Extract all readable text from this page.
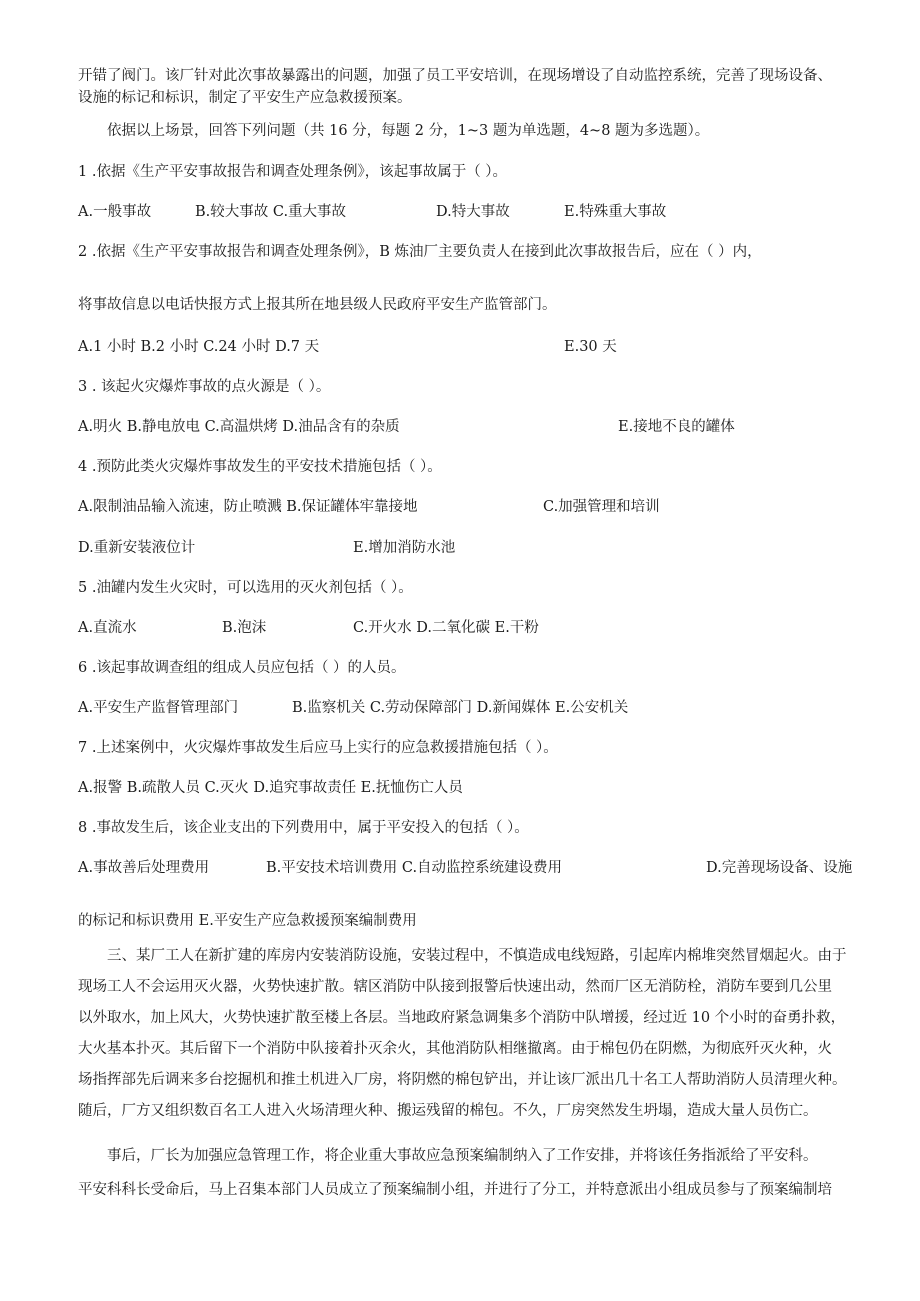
开错了阀门。该厂针对此次事故暴露出的问题，加强了员工平安培训，在现场增设了自动监控系统，完善了现场设备、
设施的标记和标识，制定了平安生产应急救援预案。
依据以上场景，回答下列问题（共 16 分，每题 2 分，1~3 题为单选题，4~8 题为多选题）。
1 .依据《生产平安事故报告和调查处理条例》，该起事故属于（ ）。
A.一般事故	B.较大事故 C.重大事故	D.特大事故	E.特殊重大事故
2 .依据《生产平安事故报告和调查处理条例》，B 炼油厂主要负责人在接到此次事故报告后，应在（ ）内，
将事故信息以电话快报方式上报其所在地县级人民政府平安生产监管部门。
A.1 小时 B.2 小时 C.24 小时 D.7 天	E.30 天
3 . 该起火灾爆炸事故的点火源是（ ）。
A.明火 B.静电放电 C.高温烘烤 D.油品含有的杂质	E.接地不良的罐体
4 .预防此类火灾爆炸事故发生的平安技术措施包括（ ）。
A.限制油品输入流速，防止喷溅 B.保证罐体牢靠接地	C.加强管理和培训
D.重新安装液位计	E.增加消防水池
5 .油罐内发生火灾时，可以选用的灭火剂包括（ ）。
A.直流水	B.泡沫	C.开火水 D.二氧化碳 E.干粉
6 .该起事故调查组的组成人员应包括（ ）的人员。
A.平安生产监督管理部门	B.监察机关 C.劳动保障部门 D.新闻媒体 E.公安机关
7 .上述案例中，火灾爆炸事故发生后应马上实行的应急救援措施包括（ ）。
A.报警 B.疏散人员 C.灭火 D.追究事故责任 E.抚恤伤亡人员
8 .事故发生后，该企业支出的下列费用中，属于平安投入的包括（ ）。
A.事故善后处理费用	B.平安技术培训费用 C.自动监控系统建设费用	D.完善现场设备、设施
的标记和标识费用 E.平安生产应急救援预案编制费用
三、某厂工人在新扩建的库房内安装消防设施，安装过程中，不慎造成电线短路，引起库内棉堆突然冒烟起火。由于
现场工人不会运用灭火器，火势快速扩散。辖区消防中队接到报警后快速出动，然而厂区无消防栓，消防车要到几公里
以外取水，加上风大，火势快速扩散至楼上各层。当地政府紧急调集多个消防中队增援，经过近 10 个小时的奋勇扑救，
大火基本扑灭。其后留下一个消防中队接着扑灭余火，其他消防队相继撤离。由于棉包仍在阴燃，为彻底歼灭火种，火
场指挥部先后调来多台挖掘机和推土机进入厂房，将阴燃的棉包铲出，并让该厂派出几十名工人帮助消防人员清理火种。
随后，厂方又组织数百名工人进入火场清理火种、搬运残留的棉包。不久，厂房突然发生坍塌，造成大量人员伤亡。
事后，厂长为加强应急管理工作，将企业重大事故应急预案编制纳入了工作安排，并将该任务指派给了平安科。
平安科科长受命后，马上召集本部门人员成立了预案编制小组，并进行了分工，并特意派出小组成员参与了预案编制培
